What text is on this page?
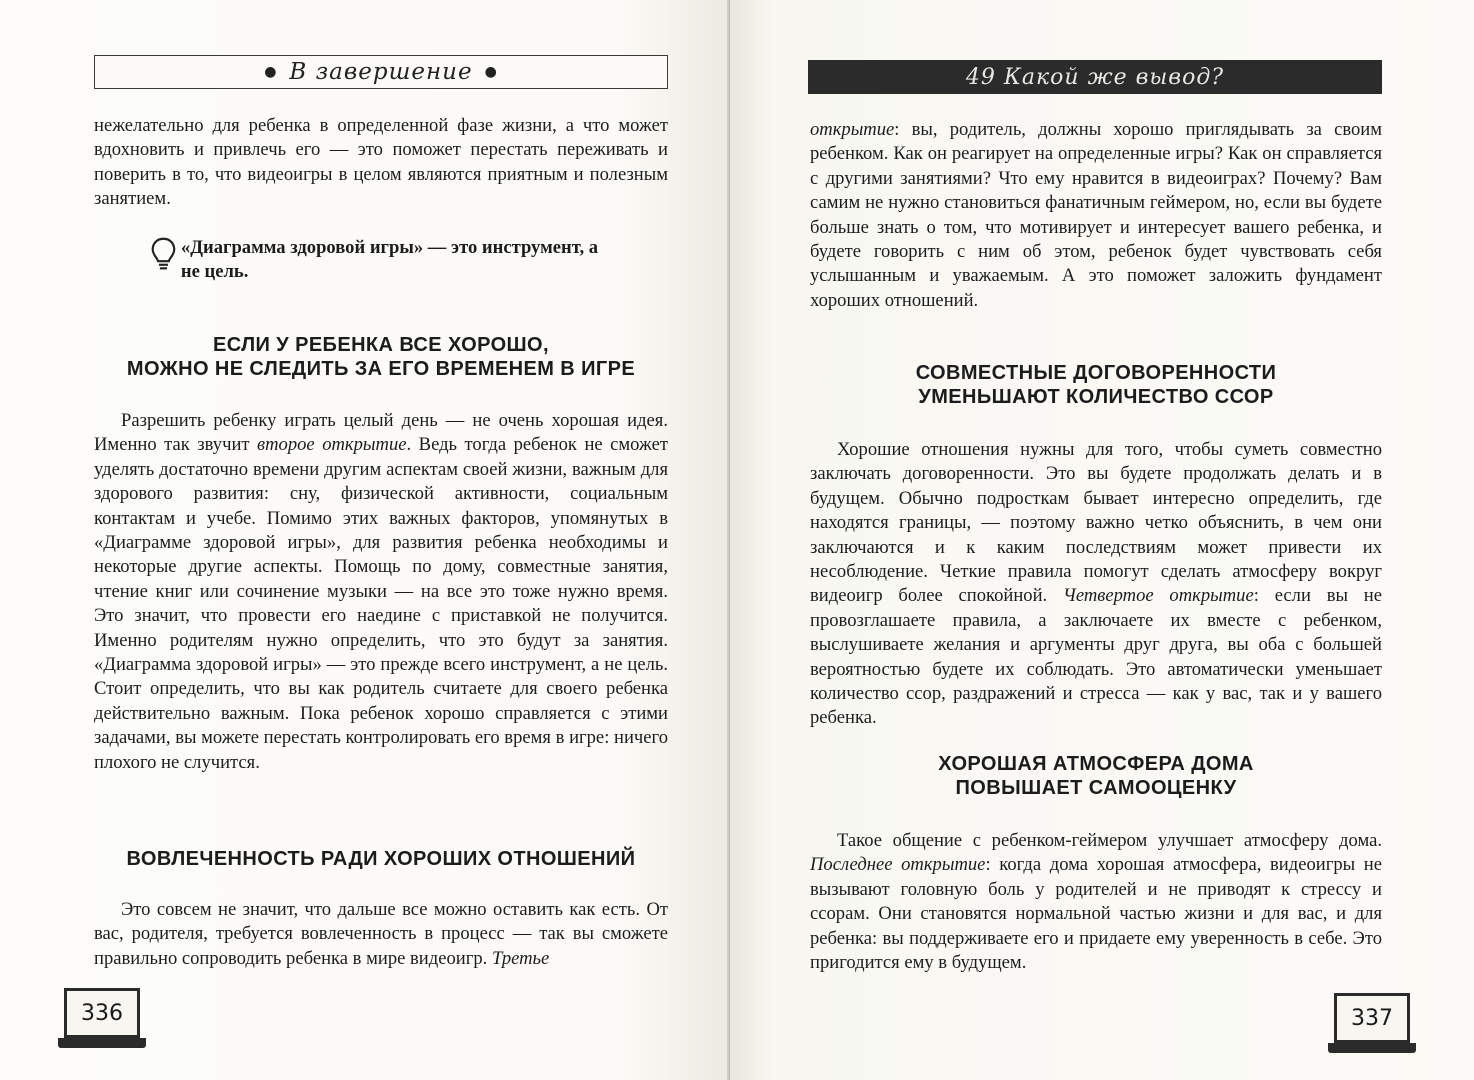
● В завершение ●

нежелательно для ребенка в определенной фазе жизни, а что может вдохновить и привлечь его — это поможет перестать переживать и поверить в то, что видеоигры в целом являются приятным и полезным занятием.

«Диаграмма здоровой игры» — это инструмент, а не цель.
ЕСЛИ У РЕБЕНКА ВСЕ ХОРОШО,
МОЖНО НЕ СЛЕДИТЬ ЗА ЕГО ВРЕМЕНЕМ В ИГРЕ

Разрешить ребенку играть целый день — не очень хорошая идея. Именно так звучит второе открытие. Ведь тогда ребенок не сможет уделять достаточно времени другим аспектам своей жизни, важным для здорового развития: сну, физической активности, социальным контактам и учебе. Помимо этих важных факторов, упомянутых в «Диаграмме здоровой игры», для развития ребенка необходимы и некоторые другие аспекты. Помощь по дому, совместные занятия, чтение книг или сочинение музыки — на все это тоже нужно время. Это значит, что провести его наедине с приставкой не получится. Именно родителям нужно определить, что это будут за занятия. «Диаграмма здоровой игры» — это прежде всего инструмент, а не цель. Стоит определить, что вы как родитель считаете для своего ребенка действительно важным. Пока ребенок хорошо справляется с этими задачами, вы можете перестать контролировать его время в игре: ничего плохого не случится.

ВОВЛЕЧЕННОСТЬ РАДИ ХОРОШИХ ОТНОШЕНИЙ

Это совсем не значит, что дальше все можно оставить как есть. От вас, родителя, требуется вовлеченность в процесс — так вы сможете правильно сопроводить ребенка в мире видеоигр. Третье

336
49 Какой же вывод?

открытие: вы, родитель, должны хорошо приглядывать за своим ребенком. Как он реагирует на определенные игры? Как он справляется с другими занятиями? Что ему нравится в видеоиграх? Почему? Вам самим не нужно становиться фанатичным геймером, но, если вы будете больше знать о том, что мотивирует и интересует вашего ребенка, и будете говорить с ним об этом, ребенок будет чувствовать себя услышанным и уважаемым. А это поможет заложить фундамент хороших отношений.

СОВМЕСТНЫЕ ДОГОВОРЕННОСТИ
УМЕНЬШАЮТ КОЛИЧЕСТВО ССОР

Хорошие отношения нужны для того, чтобы суметь совместно заключать договоренности. Это вы будете продолжать делать и в будущем. Обычно подросткам бывает интересно определить, где находятся границы, — поэтому важно четко объяснить, в чем они заключаются и к каким последствиям может привести их несоблюдение. Четкие правила помогут сделать атмосферу вокруг видеоигр более спокойной. Четвертое открытие: если вы не провозглашаете правила, а заключаете их вместе с ребенком, выслушиваете желания и аргументы друг друга, вы оба с большей вероятностью будете их соблюдать. Это автоматически уменьшает количество ссор, раздражений и стресса — как у вас, так и у вашего ребенка.

ХОРОШАЯ АТМОСФЕРА ДОМА
ПОВЫШАЕТ САМООЦЕНКУ

Такое общение с ребенком-геймером улучшает атмосферу дома. Последнее открытие: когда дома хорошая атмосфера, видеоигры не вызывают головную боль у родителей и не приводят к стрессу и ссорам. Они становятся нормальной частью жизни и для вас, и для ребенка: вы поддерживаете его и придаете ему уверенность в себе. Это пригодится ему в будущем.

337
